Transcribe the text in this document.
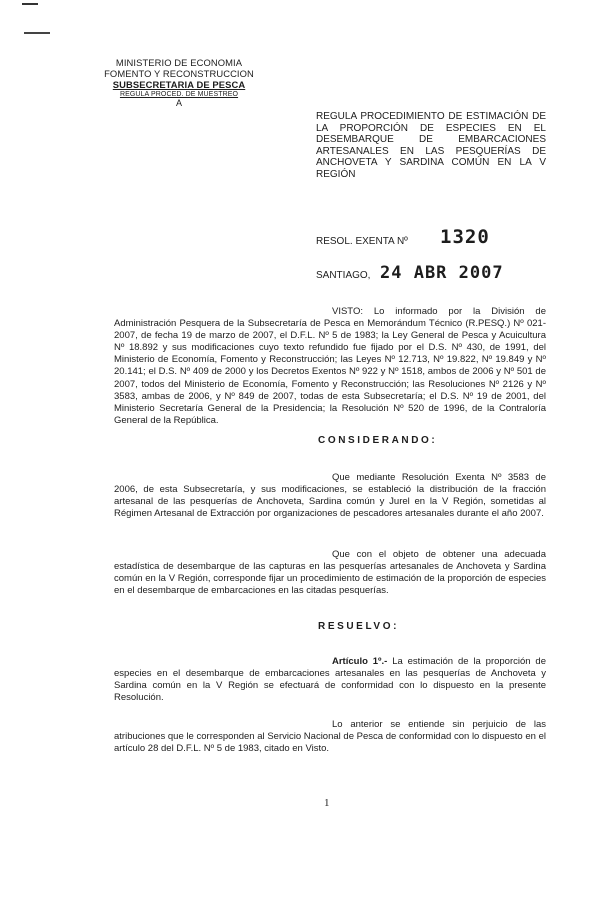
MINISTERIO DE ECONOMIA
FOMENTO Y RECONSTRUCCION
SUBSECRETARIA DE PESCA
REGULA PROCED. DE MUESTREO
A
REGULA PROCEDIMIENTO DE ESTIMACIÓN DE LA PROPORCIÓN DE ESPECIES EN EL DESEMBARQUE DE EMBARCACIONES ARTESANALES EN LAS PESQUERÍAS DE ANCHOVETA Y SARDINA COMÚN EN LA V REGIÓN
RESOL. EXENTA Nº 1320
SANTIAGO, 24 ABR 2007
VISTO: Lo informado por la División de Administración Pesquera de la Subsecretaría de Pesca en Memorándum Técnico (R.PESQ.) Nº 021-2007, de fecha 19 de marzo de 2007, el D.F.L. Nº 5 de 1983; la Ley General de Pesca y Acuicultura Nº 18.892 y sus modificaciones cuyo texto refundido fue fijado por el D.S. Nº 430, de 1991, del Ministerio de Economía, Fomento y Reconstrucción; las Leyes Nº 12.713, Nº 19.822, Nº 19.849 y Nº 20.141; el D.S. Nº 409 de 2000 y los Decretos Exentos Nº 922 y Nº 1518, ambos de 2006 y Nº 501 de 2007, todos del Ministerio de Economía, Fomento y Reconstrucción; las Resoluciones Nº 2126 y Nº 3583, ambas de 2006, y Nº 849 de 2007, todas de esta Subsecretaría; el D.S. Nº 19 de 2001, del Ministerio Secretaría General de la Presidencia; la Resolución Nº 520 de 1996, de la Contraloría General de la República.
CONSIDERANDO:
Que mediante Resolución Exenta Nº 3583 de 2006, de esta Subsecretaría, y sus modificaciones, se estableció la distribución de la fracción artesanal de las pesquerías de Anchoveta, Sardina común y Jurel en la V Región, sometidas al Régimen Artesanal de Extracción por organizaciones de pescadores artesanales durante el año 2007.
Que con el objeto de obtener una adecuada estadística de desembarque de las capturas en las pesquerías artesanales de Anchoveta y Sardina común en la V Región, corresponde fijar un procedimiento de estimación de la proporción de especies en el desembarque de embarcaciones en las citadas pesquerías.
RESUELVO:
Artículo 1º.- La estimación de la proporción de especies en el desembarque de embarcaciones artesanales en las pesquerías de Anchoveta y Sardina común en la V Región se efectuará de conformidad con lo dispuesto en la presente Resolución.
Lo anterior se entiende sin perjuicio de las atribuciones que le corresponden al Servicio Nacional de Pesca de conformidad con lo dispuesto en el artículo 28 del D.F.L. Nº 5 de 1983, citado en Visto.
1
